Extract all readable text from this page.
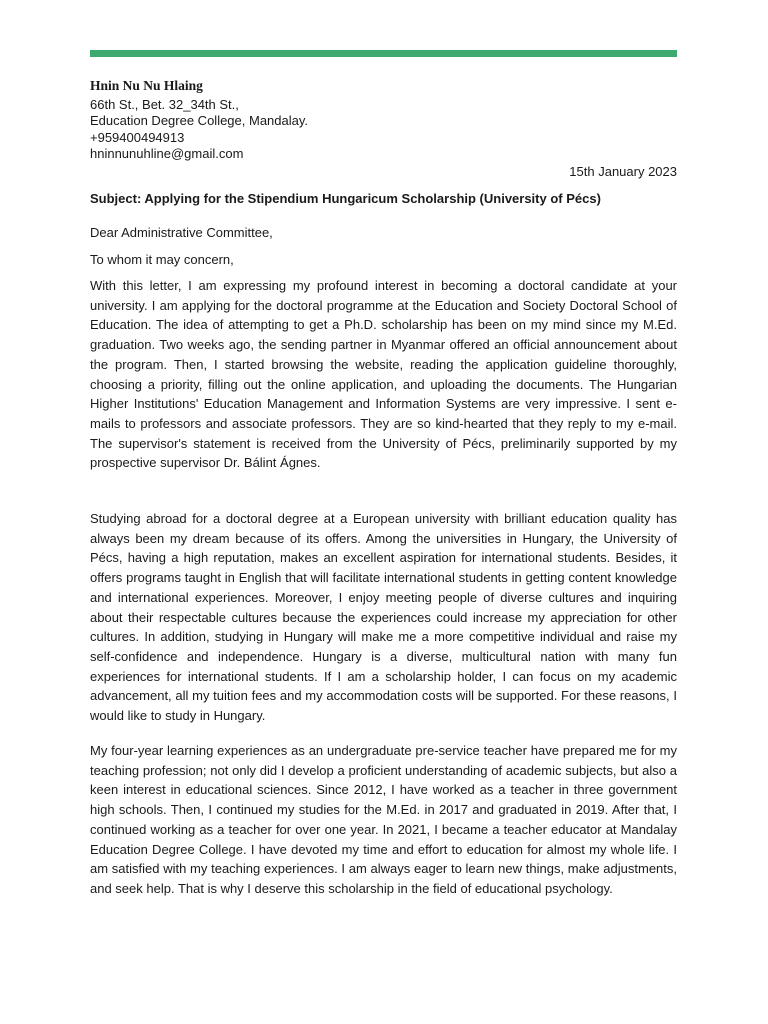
Hnin Nu Nu Hlaing
66th St., Bet. 32_34th St.,
Education Degree College, Mandalay.
+959400494913
hninnunuhline@gmail.com
15th January 2023
Subject: Applying for the Stipendium Hungaricum Scholarship (University of Pécs)
Dear Administrative Committee,
To whom it may concern,

With this letter, I am expressing my profound interest in becoming a doctoral candidate at your university. I am applying for the doctoral programme at the Education and Society Doctoral School of Education. The idea of attempting to get a Ph.D. scholarship has been on my mind since my M.Ed. graduation. Two weeks ago, the sending partner in Myanmar offered an official announcement about the program. Then, I started browsing the website, reading the application guideline thoroughly, choosing a priority, filling out the online application, and uploading the documents. The Hungarian Higher Institutions' Education Management and Information Systems are very impressive. I sent e-mails to professors and associate professors. They are so kind-hearted that they reply to my e-mail. The supervisor's statement is received from the University of Pécs, preliminarily supported by my prospective supervisor Dr. Bálint Ágnes.

Studying abroad for a doctoral degree at a European university with brilliant education quality has always been my dream because of its offers. Among the universities in Hungary, the University of Pécs, having a high reputation, makes an excellent aspiration for international students. Besides, it offers programs taught in English that will facilitate international students in getting content knowledge and international experiences. Moreover, I enjoy meeting people of diverse cultures and inquiring about their respectable cultures because the experiences could increase my appreciation for other cultures. In addition, studying in Hungary will make me a more competitive individual and raise my self-confidence and independence. Hungary is a diverse, multicultural nation with many fun experiences for international students. If I am a scholarship holder, I can focus on my academic advancement, all my tuition fees and my accommodation costs will be supported. For these reasons, I would like to study in Hungary.

My four-year learning experiences as an undergraduate pre-service teacher have prepared me for my teaching profession; not only did I develop a proficient understanding of academic subjects, but also a keen interest in educational sciences. Since 2012, I have worked as a teacher in three government high schools. Then, I continued my studies for the M.Ed. in 2017 and graduated in 2019. After that, I continued working as a teacher for over one year. In 2021, I became a teacher educator at Mandalay Education Degree College. I have devoted my time and effort to education for almost my whole life. I am satisfied with my teaching experiences. I am always eager to learn new things, make adjustments, and seek help. That is why I deserve this scholarship in the field of educational psychology.
